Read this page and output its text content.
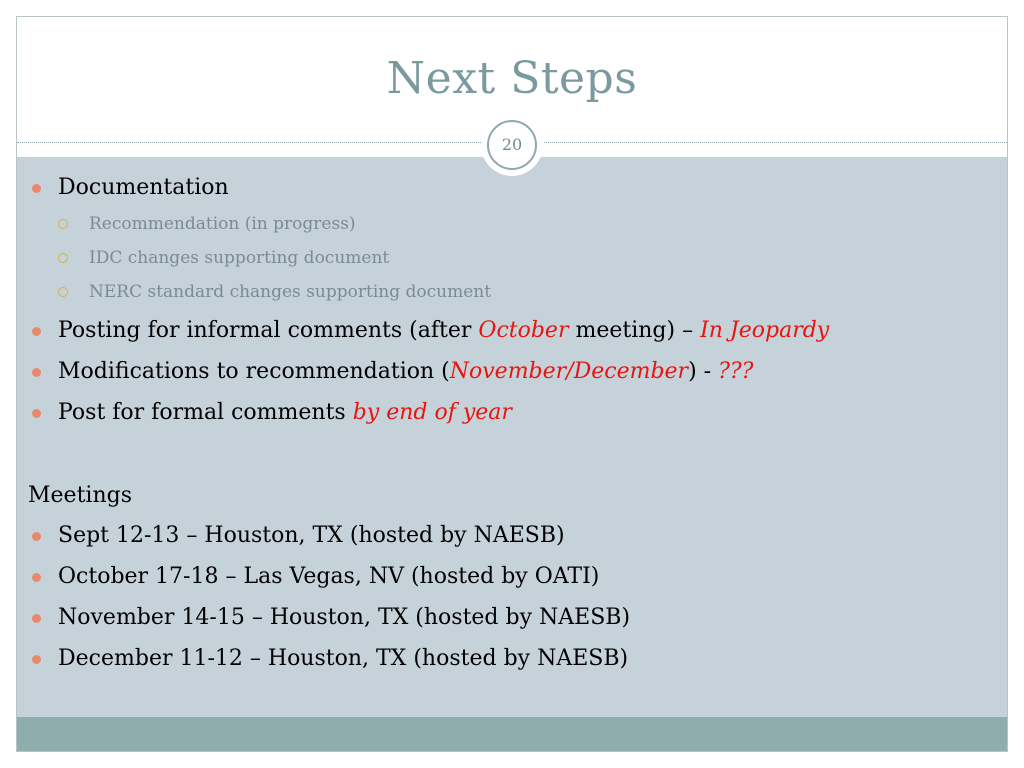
Next Steps
20
Documentation
Recommendation (in progress)
IDC changes supporting document
NERC standard changes supporting document
Posting for informal comments (after October meeting) – In Jeopardy
Modifications to recommendation (November/December) - ???
Post for formal comments by end of year
Meetings
Sept 12-13 – Houston, TX (hosted by NAESB)
October 17-18 – Las Vegas, NV (hosted by OATI)
November 14-15 – Houston, TX (hosted by NAESB)
December 11-12 – Houston, TX (hosted by NAESB)
